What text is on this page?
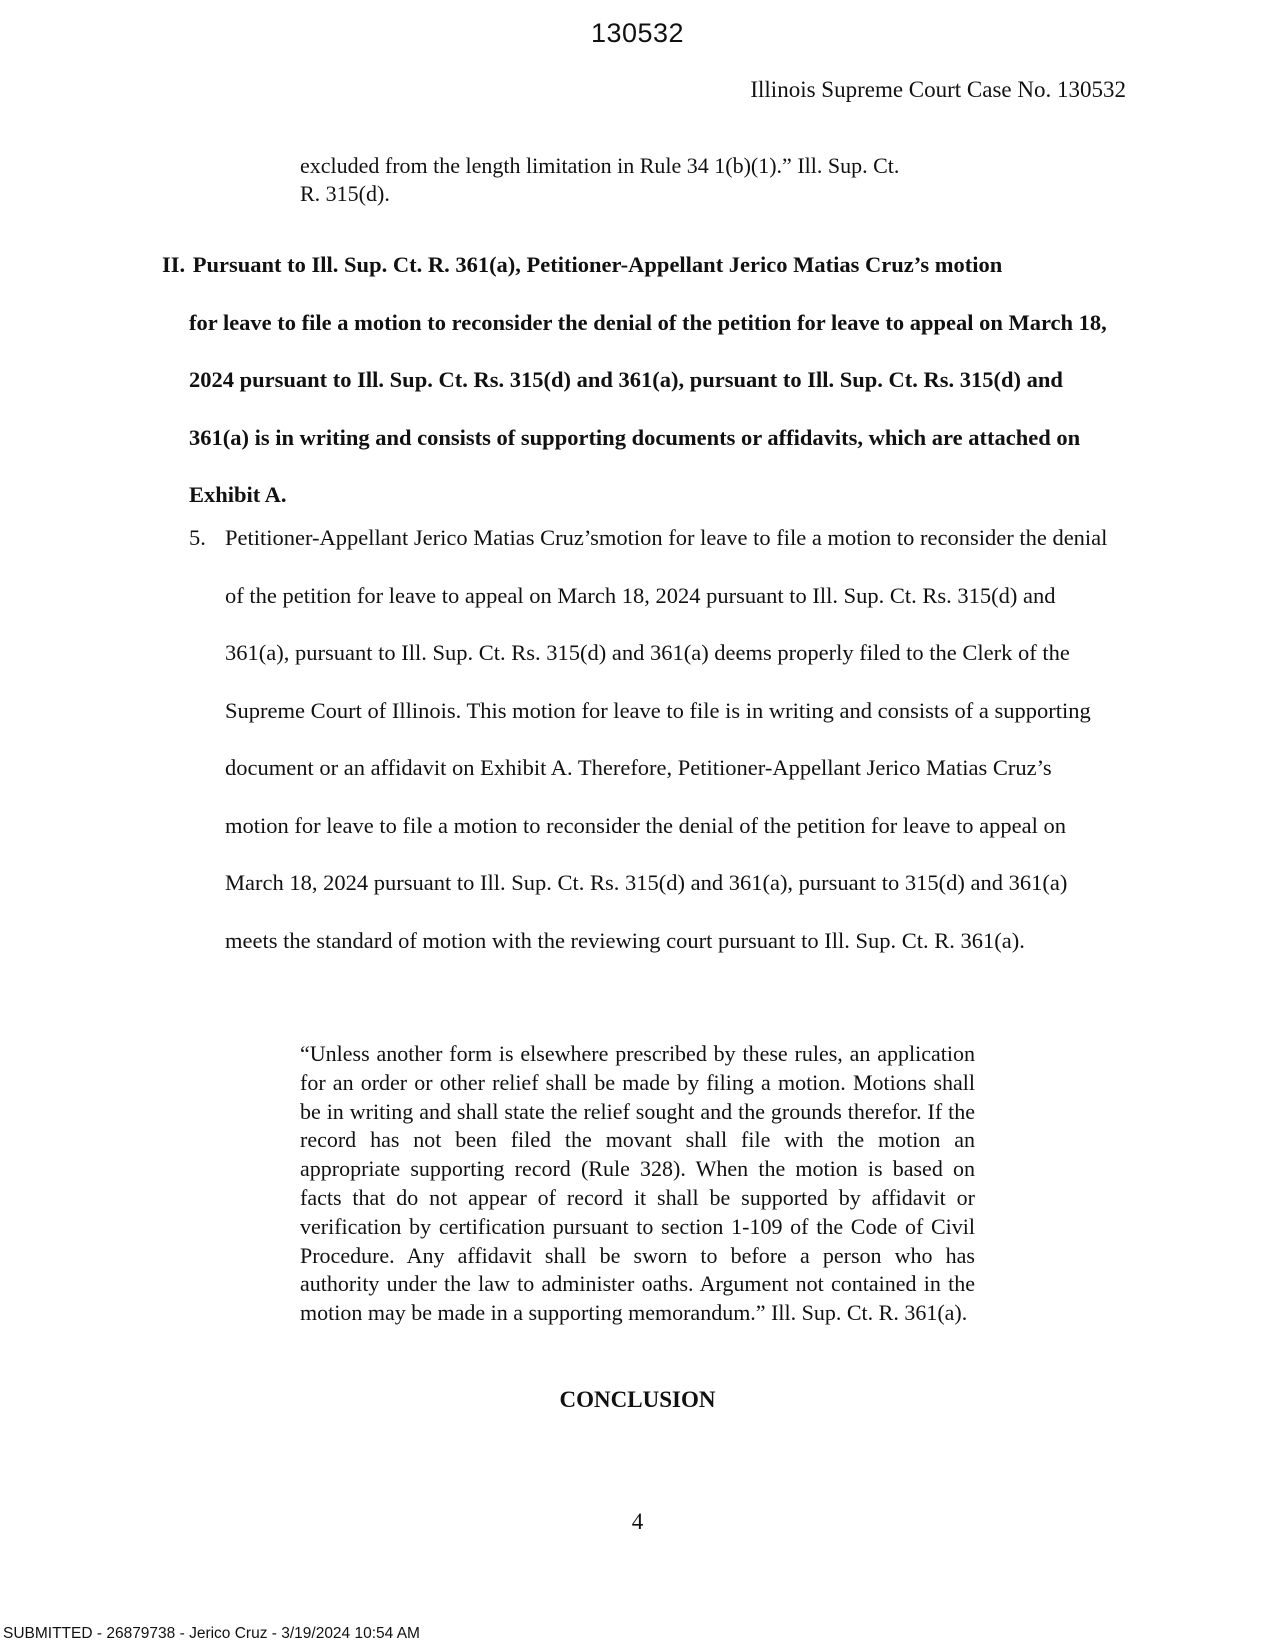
130532
Illinois Supreme Court Case No. 130532
excluded from the length limitation in Rule 34 1(b)(1).” Ill. Sup. Ct.
R. 315(d).
II. Pursuant to Ill. Sup. Ct. R. 361(a), Petitioner-Appellant Jerico Matias Cruz’s motion
for leave to file a motion to reconsider the denial of the petition for leave to appeal on March 18, 2024 pursuant to Ill. Sup. Ct. Rs. 315(d) and 361(a), pursuant to Ill. Sup. Ct. Rs. 315(d) and 361(a) is in writing and consists of supporting documents or affidavits, which are attached on Exhibit A.
5. Petitioner-Appellant Jerico Matias Cruz’smotion for leave to file a motion to reconsider the denial of the petition for leave to appeal on March 18, 2024 pursuant to Ill. Sup. Ct. Rs. 315(d) and 361(a), pursuant to Ill. Sup. Ct. Rs. 315(d) and 361(a) deems properly filed to the Clerk of the Supreme Court of Illinois. This motion for leave to file is in writing and consists of a supporting document or an affidavit on Exhibit A. Therefore, Petitioner-Appellant Jerico Matias Cruz’s motion for leave to file a motion to reconsider the denial of the petition for leave to appeal on March 18, 2024 pursuant to Ill. Sup. Ct. Rs. 315(d) and 361(a), pursuant to 315(d) and 361(a) meets the standard of motion with the reviewing court pursuant to Ill. Sup. Ct. R. 361(a).
“Unless another form is elsewhere prescribed by these rules, an application for an order or other relief shall be made by filing a motion. Motions shall be in writing and shall state the relief sought and the grounds therefor. If the record has not been filed the movant shall file with the motion an appropriate supporting record (Rule 328). When the motion is based on facts that do not appear of record it shall be supported by affidavit or verification by certification pursuant to section 1-109 of the Code of Civil Procedure. Any affidavit shall be sworn to before a person who has authority under the law to administer oaths. Argument not contained in the motion may be made in a supporting memorandum.” Ill. Sup. Ct. R. 361(a).
CONCLUSION
4
SUBMITTED - 26879738 - Jerico Cruz - 3/19/2024 10:54 AM
